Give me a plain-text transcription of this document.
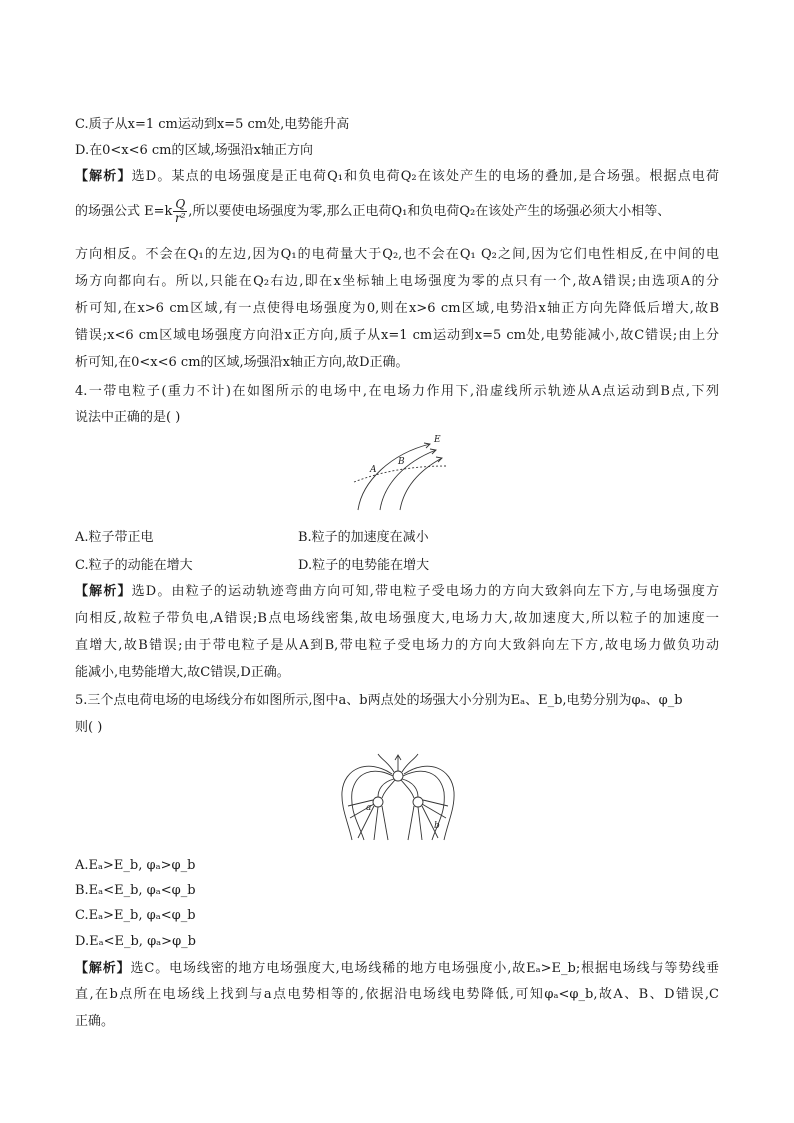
C.质子从x=1 cm运动到x=5 cm处,电势能升高
D.在0<x<6 cm的区域,场强沿x轴正方向
【解析】选D。某点的电场强度是正电荷Q₁和负电荷Q₂在该处产生的电场的叠加,是合场强。根据点电荷
的场强公式 $E=k \frac{Q}{\text{r²}}$ ,所以要使电场强度为零,那么正电荷Q₁和负电荷Q₂在该处产生的场强必须大小相等、
方向相反。不会在Q₁的左边,因为Q₁的电荷量大于Q₂,也不会在Q₁ Q₂之间,因为它们电性相反,在中间的电
场方向都向右。所以,只能在Q₂右边,即在x坐标轴上电场强度为零的点只有一个,故A错误;由选项A的分
析可知,在x>6 cm区域,有一点使得电场强度为0,则在x>6 cm区域,电势沿x轴正方向先降低后增大,故B
错误;x<6 cm区域电场强度方向沿x正方向,质子从x=1 cm运动到x=5 cm处,电势能减小,故C错误;由上分
析可知,在0<x<6 cm的区域,场强沿x轴正方向,故D正确。
4.一带电粒子(重力不计)在如图所示的电场中,在电场力作用下,沿虚线所示轨迹从A点运动到B点,下列
说法中正确的是( )
E
A
B
A.粒子带正电	B.粒子的加速度在减小
C.粒子的动能在增大	D.粒子的电势能在增大
【解析】选D。由粒子的运动轨迹弯曲方向可知,带电粒子受电场力的方向大致斜向左下方,与电场强度方
向相反,故粒子带负电,A错误;B点电场线密集,故电场强度大,电场力大,故加速度大,所以粒子的加速度一
直增大,故B错误;由于带电粒子是从A到B,带电粒子受电场力的方向大致斜向左下方,故电场力做负功动
能减小,电势能增大,故C错误,D正确。
5.三个点电荷电场的电场线分布如图所示,图中a、b两点处的场强大小分别为Eₐ、E_b,电势分别为φₐ、φ_b
则( )
a
b
A.Eₐ>E_b, φₐ>φ_b
B.Eₐ<E_b, φₐ<φ_b
C.Eₐ>E_b, φₐ<φ_b
D.Eₐ<E_b, φₐ>φ_b
【解析】选C。电场线密的地方电场强度大,电场线稀的地方电场强度小,故Eₐ>E_b;根据电场线与等势线垂
直,在b点所在电场线上找到与a点电势相等的,依据沿电场线电势降低,可知φₐ<φ_b,故A、B、D错误,C
正确。
